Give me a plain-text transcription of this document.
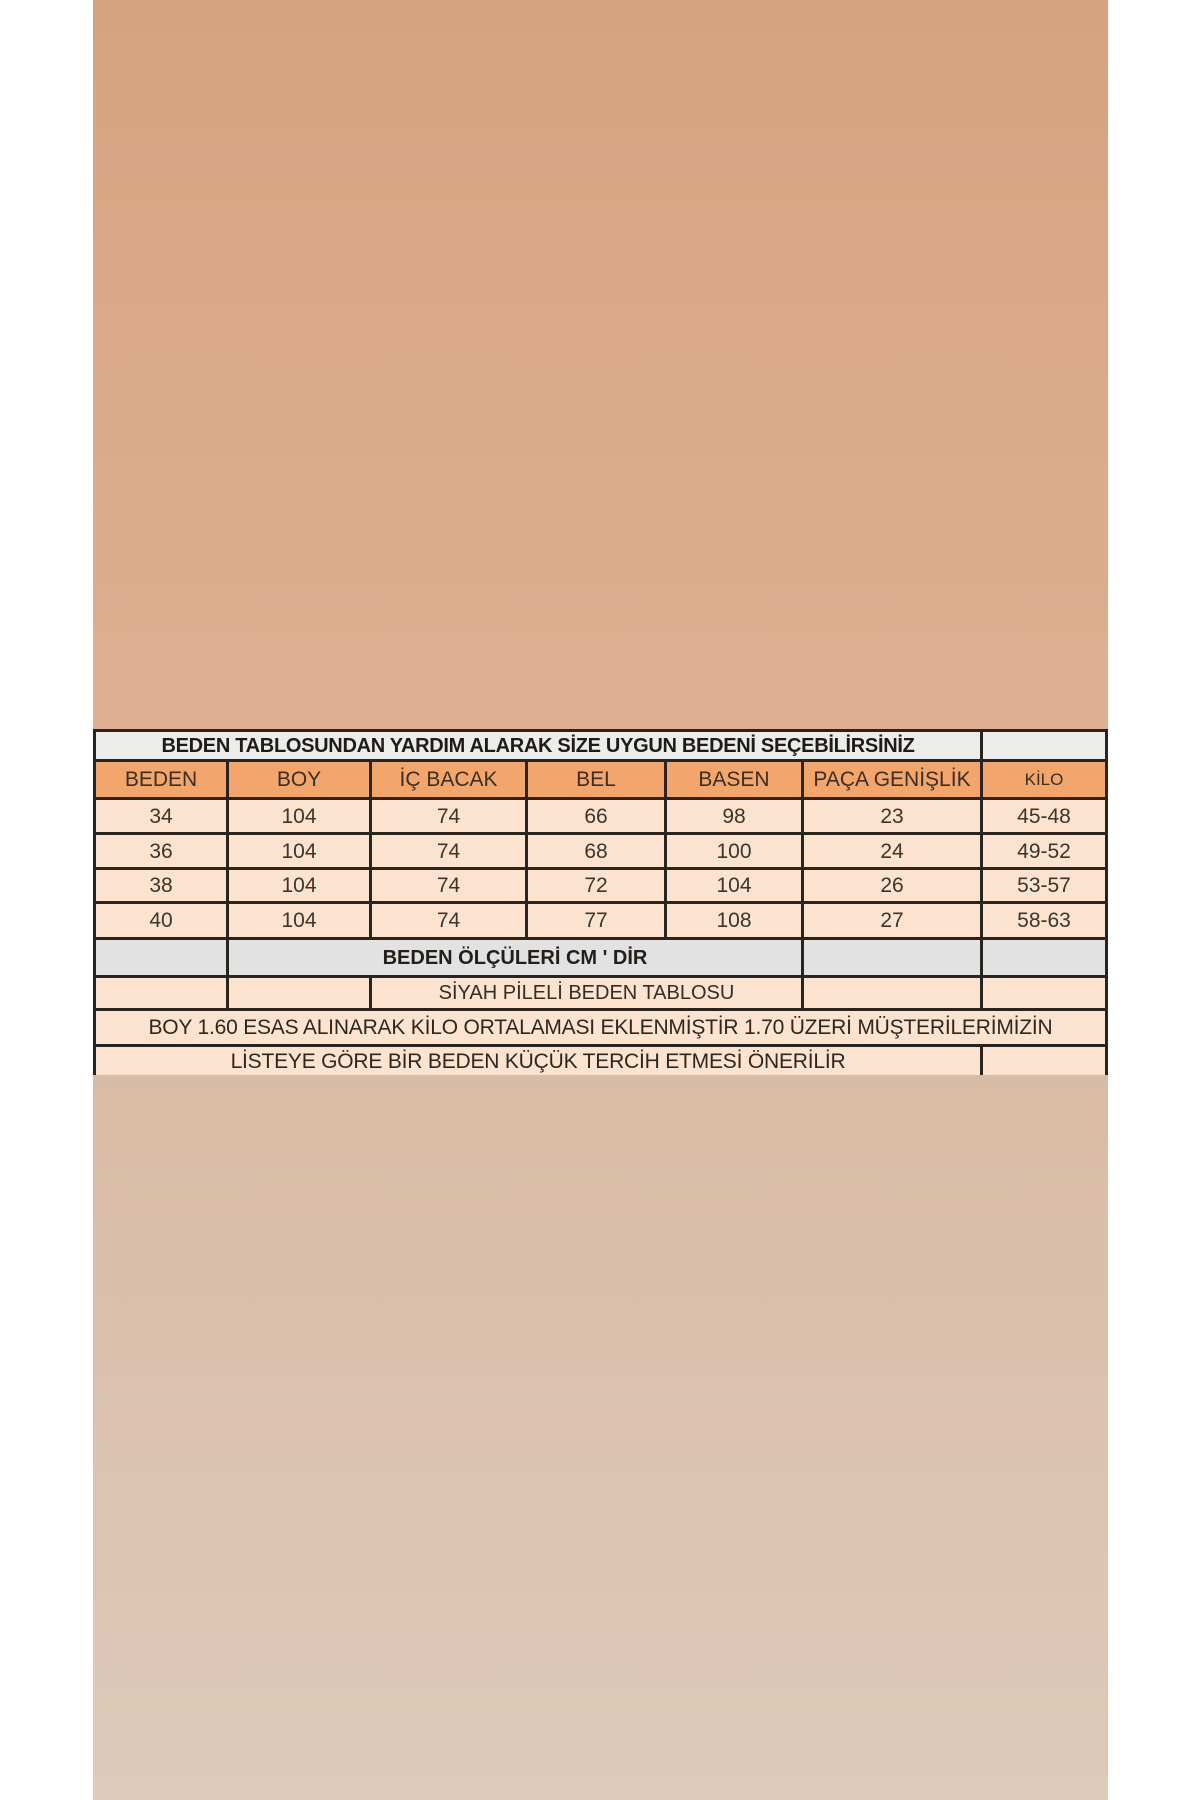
BEDEN TABLOSUNDAN YARDIM ALARAK SİZE UYGUN BEDENİ SEÇEBİLİRSİNİZ
BEDEN	BOY	İÇ BACAK	BEL	BASEN	PAÇA GENİŞLİK	KİLO
34	104	74	66	98	23	45-48
36	104	74	68	100	24	49-52
38	104	74	72	104	26	53-57
40	104	74	77	108	27	58-63
BEDEN ÖLÇÜLERİ CM ' DİR
SİYAH PİLELİ BEDEN TABLOSU
BOY 1.60 ESAS ALINARAK KİLO ORTALAMASI EKLENMİŞTİR 1.70 ÜZERİ MÜŞTERİLERİMİZİN
LİSTEYE GÖRE BİR BEDEN KÜÇÜK TERCİH ETMESİ ÖNERİLİR
